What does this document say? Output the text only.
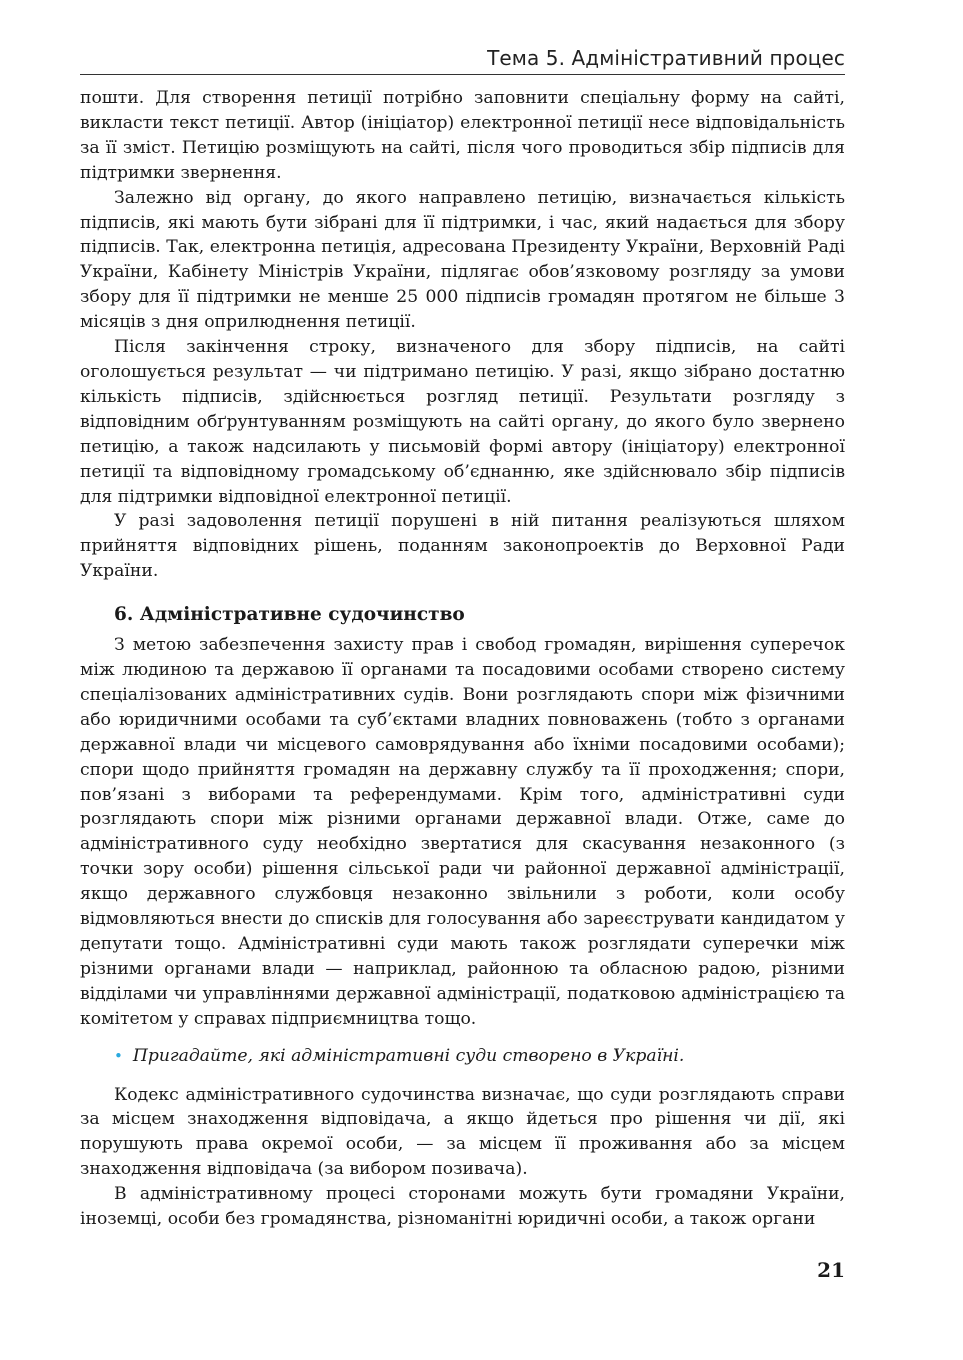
Тема 5. Адміністративний процес

пошти. Для створення петиції потрібно заповнити спеціальну форму на сайті, викласти текст петиції. Автор (ініціатор) електронної петиції несе відповідальність за її зміст. Петицію розміщують на сайті, після чого проводиться збір підписів для підтримки звернення.

Залежно від органу, до якого направлено петицію, визначається кількість підписів, які мають бути зібрані для її підтримки, і час, який надається для збору підписів. Так, електронна петиція, адресована Президенту України, Верховній Раді України, Кабінету Міністрів України, підлягає обов’язковому розгляду за умови збору для її підтримки не менше 25 000 підписів громадян протягом не більше 3 місяців з дня оприлюднення петиції.

Після закінчення строку, визначеного для збору підписів, на сайті оголошується результат — чи підтримано петицію. У разі, якщо зібрано достатню кількість підписів, здійснюється розгляд петиції. Результати розгляду з відповідним обґрунтуванням розміщують на сайті органу, до якого було звернено петицію, а також надсилають у письмовій формі автору (ініціатору) електронної петиції та відповідному громадському об’єднанню, яке здійснювало збір підписів для підтримки відповідної електронної петиції.

У разі задоволення петиції порушені в ній питання реалізуються шляхом прийняття відповідних рішень, поданням законопроектів до Верховної Ради України.

6. Адміністративне судочинство

З метою забезпечення захисту прав і свобод громадян, вирішення суперечок між людиною та державою її органами та посадовими особами створено систему спеціалізованих адміністративних судів. Вони розглядають спори між фізичними або юридичними особами та суб’єктами владних повноважень (тобто з органами державної влади чи місцевого самоврядування або їхніми посадовими особами); спори щодо прийняття громадян на державну службу та її проходження; спори, пов’язані з виборами та референдумами. Крім того, адміністративні суди розглядають спори між різними органами державної влади. Отже, саме до адміністративного суду необхідно звертатися для скасування незаконного (з точки зору особи) рішення сільської ради чи районної державної адміністрації, якщо державного службовця незаконно звільнили з роботи, коли особу відмовляються внести до списків для голосування або зареєструвати кандидатом у депутати тощо. Адміністративні суди мають також розглядати суперечки між різними органами влади — наприклад, районною та обласною радою, різними відділами чи управліннями державної адміністрації, податковою адміністрацією та комітетом у справах підприємництва тощо.

• Пригадайте, які адміністративні суди створено в Україні.

Кодекс адміністративного судочинства визначає, що суди розглядають справи за місцем знаходження відповідача, а якщо йдеться про рішення чи дії, які порушують права окремої особи, — за місцем її проживання або за місцем знаходження відповідача (за вибором позивача).

В адміністративному процесі сторонами можуть бути громадяни України, іноземці, особи без громадянства, різноманітні юридичні особи, а також органи

21
